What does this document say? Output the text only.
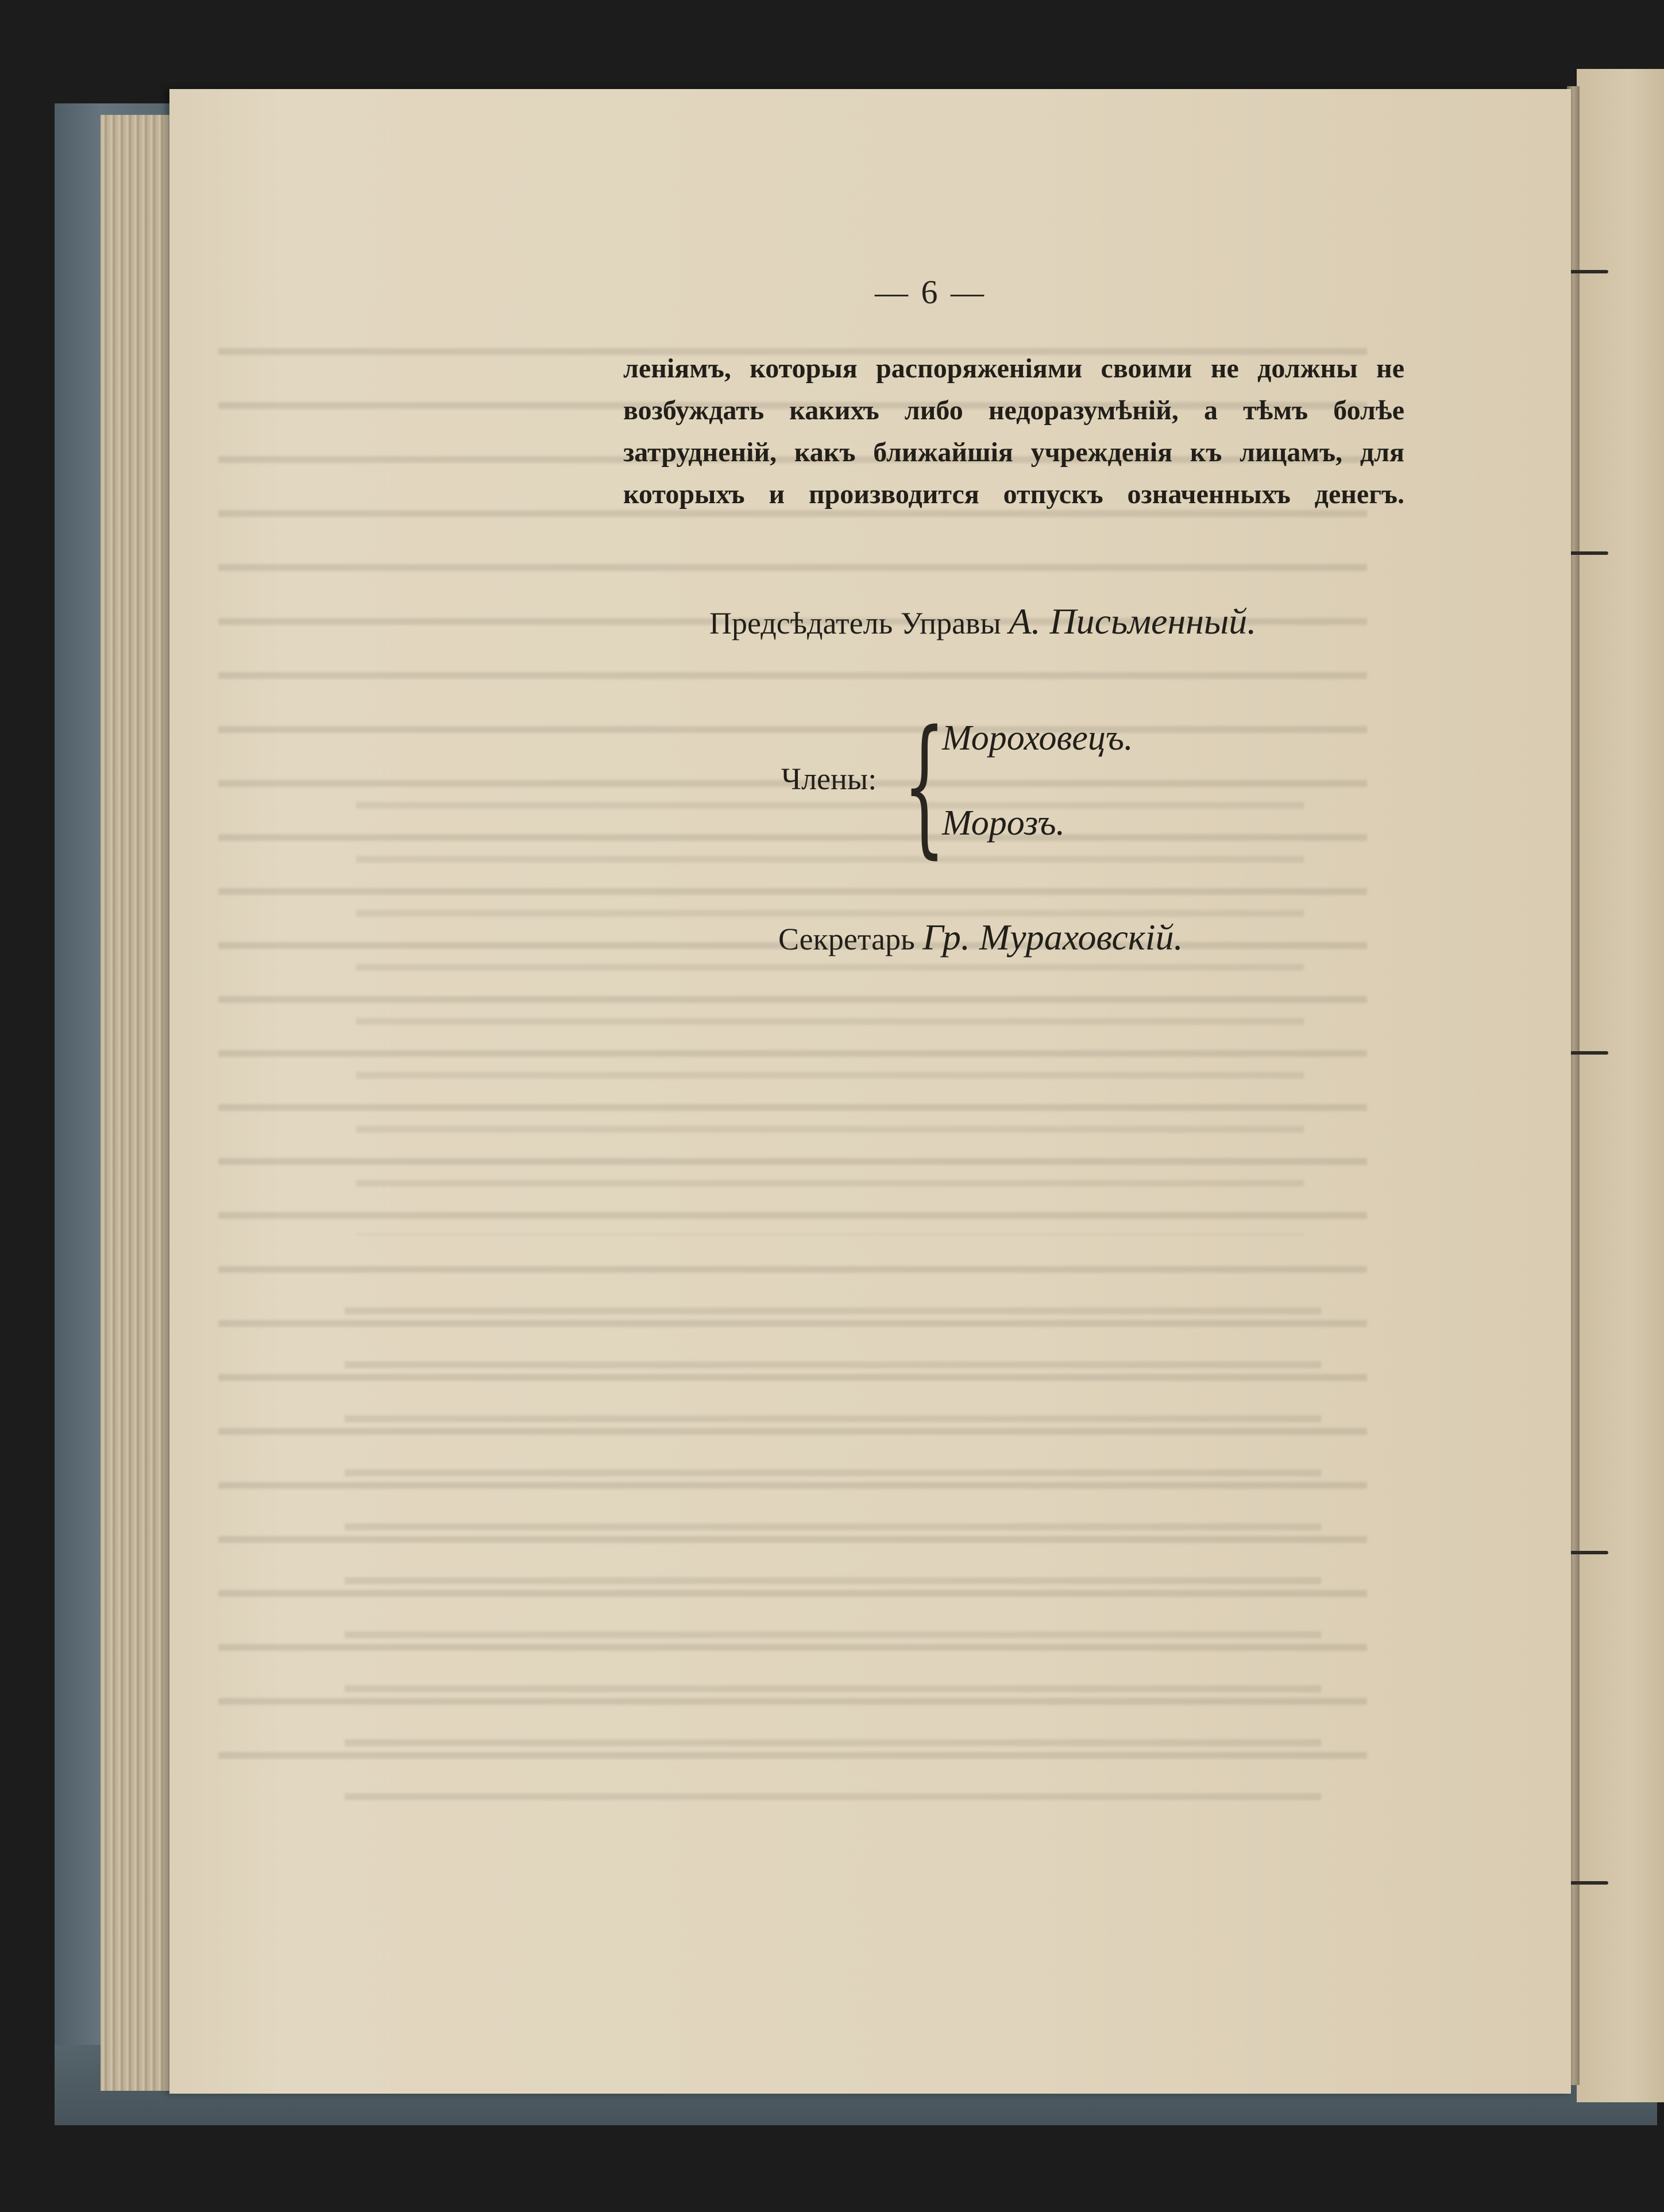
— 6 —
леніямъ, которыя распоряженіями своими не должны не
возбуждать какихъ либо недоразумѣній, а тѣмъ болѣе
затрудненій, какъ ближайшія учрежденія къ лицамъ, для
которыхъ и производится отпускъ означенныхъ денегъ.
Предсѣдатель Управы А. Письменный.
Члены: {
Мороховецъ.
Морозъ.
Секретарь Гр. Мураховскій.
